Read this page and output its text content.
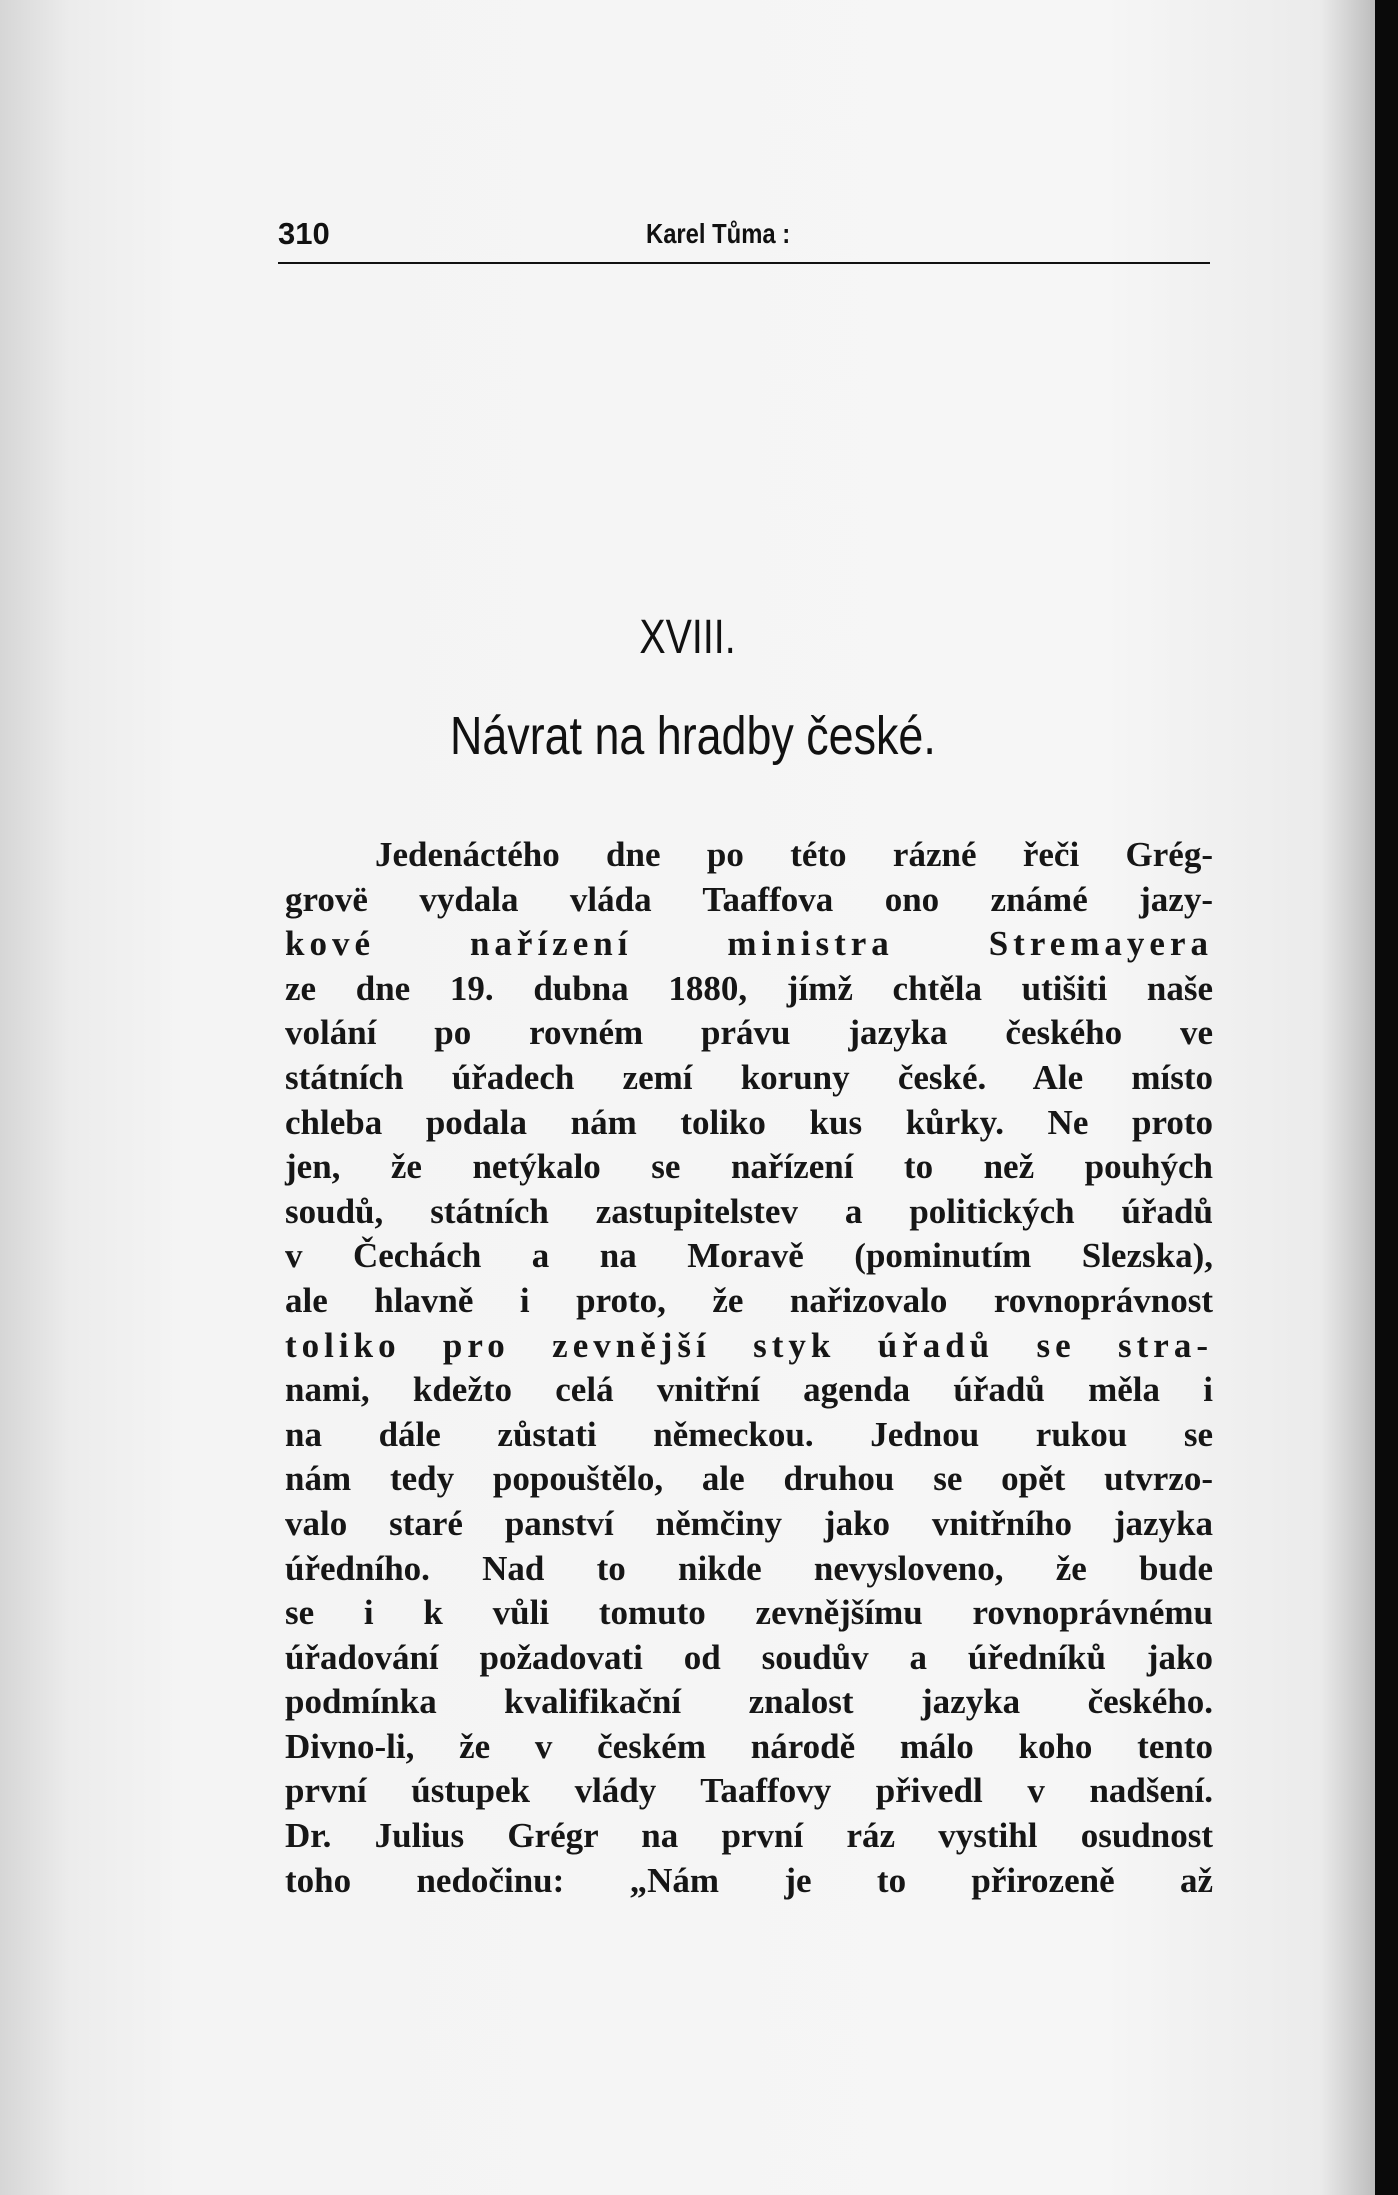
310	Karel Tůma :
XVIII.
Návrat na hradby české.
Jedenáctého dne po této rázné řeči Grég-
grovë vydala vláda Taaffova ono známé jazy-
kové nařízení ministra Stremayera
ze dne 19. dubna 1880, jímž chtěla utišiti naše
volání po rovném právu jazyka českého ve
státních úřadech zemí koruny české. Ale místo
chleba podala nám toliko kus kůrky. Ne proto
jen, že netýkalo se nařízení to než pouhých
soudů, státních zastupitelstev a politických úřadů
v Čechách a na Moravě (pominutím Slezska),
ale hlavně i proto, že nařizovalo rovnoprávnost
toliko pro zevnější styk úřadů se stra-
nami, kdežto celá vnitřní agenda úřadů měla i
na dále zůstati německou. Jednou rukou se
nám tedy popouštělo, ale druhou se opět utvrzo-
valo staré panství němčiny jako vnitřního jazyka
úředního. Nad to nikde nevysloveno, že bude
se i k vůli tomuto zevnějšímu rovnoprávnému
úřadování požadovati od soudův a úředníků jako
podmínka kvalifikační znalost jazyka českého.
Divno-li, že v českém národě málo koho tento
první ústupek vlády Taaffovy přivedl v nadšení.
Dr. Julius Grégr na první ráz vystihl osudnost
toho nedočinu: „Nám je to přirozeně až
